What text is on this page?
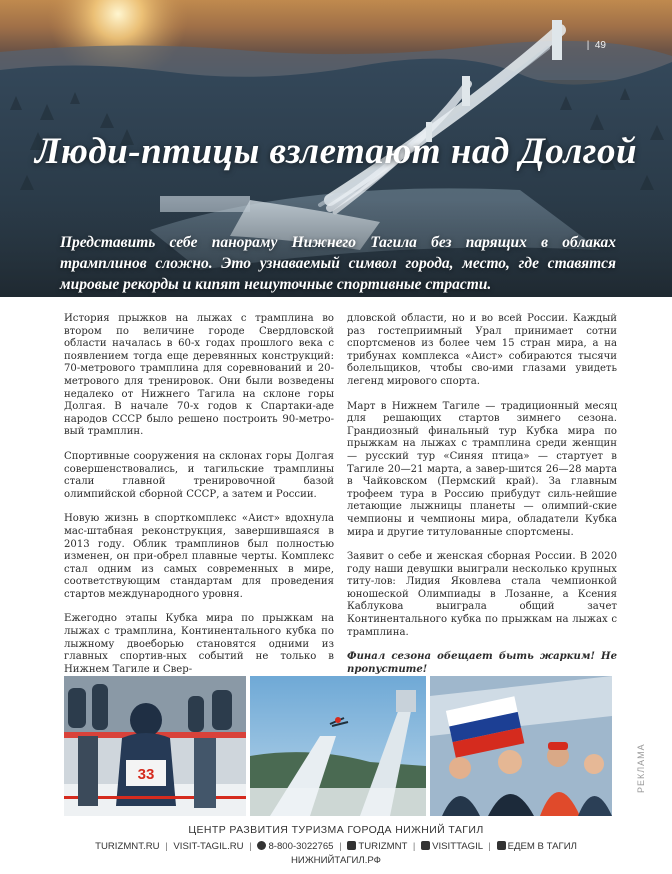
| 49
Люди-птицы взлетают над Долгой

Представить себе панораму Нижнего Тагила без парящих в облаках трамплинов сложно. Это узнаваемый символ города, место, где ставятся мировые рекорды и кипят нешуточные спортивные страсти.

История прыжков на лыжах с трамплина во втором по величине городе Свердловской области началась в 60-х годах прошлого века с появлением тогда еще деревянных конструкций: 70-метрового трамплина для соревнований и 20-метрового для тренировок. Они были возведены недалеко от Нижнего Тагила на склоне горы Долгая. В начале 70-х годов к Спартаки-аде народов СССР было решено построить 90-метро-вый трамплин.

Спортивные сооружения на склонах горы Долгая совершенствовались, и тагильские трамплины стали главной тренировочной базой олимпийской сборной СССР, а затем и России.

Новую жизнь в спорткомплекс «Аист» вдохнула мас-штабная реконструкция, завершившаяся в 2013 году. Облик трамплинов был полностью изменен, он при-обрел плавные черты. Комплекс стал одним из самых современных в мире, соответствующим стандартам для проведения стартов международного уровня.

Ежегодно этапы Кубка мира по прыжкам на лыжах с трамплина, Континентального кубка по лыжному двоеборью становятся одними из главных спортив-ных событий не только в Нижнем Тагиле и Свер-

дловской области, но и во всей России. Каждый раз гостеприимный Урал принимает сотни спортсменов из более чем 15 стран мира, а на трибунах комплекса «Аист» собираются тысячи болельщиков, чтобы сво-ими глазами увидеть легенд мирового спорта.

Март в Нижнем Тагиле — традиционный месяц для решающих стартов зимнего сезона. Грандиозный финальный тур Кубка мира по прыжкам на лыжах с трамплина среди женщин — русский тур «Синяя птица» — стартует в Тагиле 20—21 марта, а завер-шится 26—28 марта в Чайковском (Пермский край). За главным трофеем тура в Россию прибудут силь-нейшие летающие лыжницы планеты — олимпий-ские чемпионы и чемпионы мира, обладатели Кубка мира и другие титулованные спортсмены.

Заявит о себе и женская сборная России. В 2020 году наши девушки выиграли несколько крупных титу-лов: Лидия Яковлева стала чемпионкой юношеской Олимпиады в Лозанне, а Ксения Каблукова выиграла общий зачет Континентального кубка по прыжкам на лыжах с трамплина.

Финал сезона обещает быть жарким! Не пропустите!

33	РЕКЛАМА
ЦЕНТР РАЗВИТИЯ ТУРИЗМА ГОРОДА НИЖНИЙ ТАГИЛ
TURIZMNT.RU | VISIT-TAGIL.RU | 8-800-3022765 | TURIZMNT | VISITTAGIL | ЕДЕМ В ТАГИЛ
НИЖНИЙТАГИЛ.РФ
